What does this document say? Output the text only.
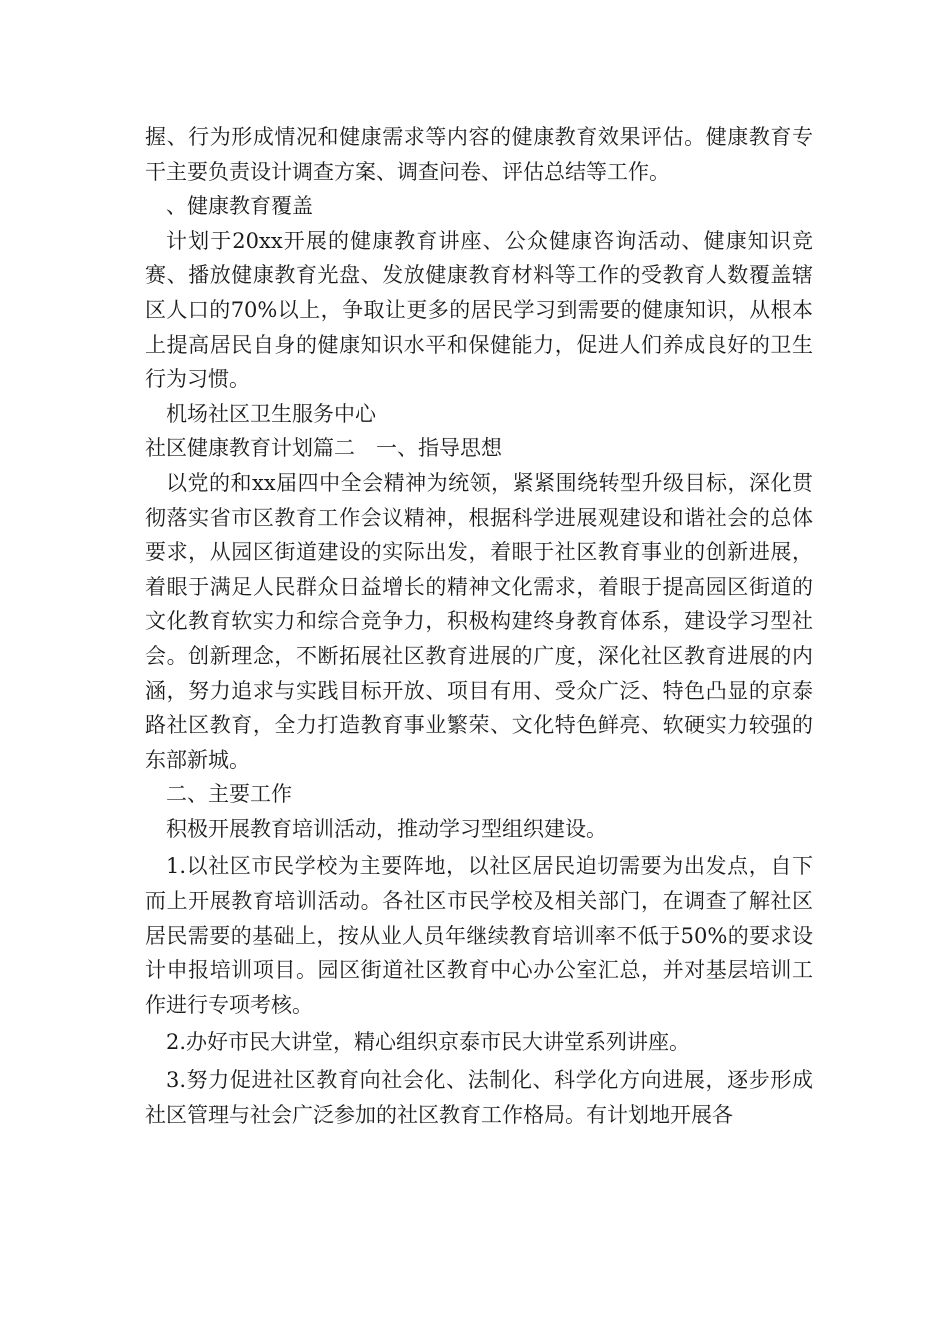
握、行为形成情况和健康需求等内容的健康教育效果评估。健康教育专干主要负责设计调查方案、调查问卷、评估总结等工作。

、健康教育覆盖

计划于20xx开展的健康教育讲座、公众健康咨询活动、健康知识竞赛、播放健康教育光盘、发放健康教育材料等工作的受教育人数覆盖辖区人口的70%以上，争取让更多的居民学习到需要的健康知识，从根本上提高居民自身的健康知识水平和保健能力，促进人们养成良好的卫生行为习惯。

机场社区卫生服务中心

社区健康教育计划篇二　一、指导思想

以党的和xx届四中全会精神为统领，紧紧围绕转型升级目标，深化贯彻落实省市区教育工作会议精神，根据科学进展观建设和谐社会的总体要求，从园区街道建设的实际出发，着眼于社区教育事业的创新进展，着眼于满足人民群众日益增长的精神文化需求，着眼于提高园区街道的文化教育软实力和综合竞争力，积极构建终身教育体系，建设学习型社会。创新理念，不断拓展社区教育进展的广度，深化社区教育进展的内涵，努力追求与实践目标开放、项目有用、受众广泛、特色凸显的京泰路社区教育，全力打造教育事业繁荣、文化特色鲜亮、软硬实力较强的东部新城。

二、主要工作

积极开展教育培训活动，推动学习型组织建设。

1.以社区市民学校为主要阵地，以社区居民迫切需要为出发点，自下而上开展教育培训活动。各社区市民学校及相关部门，在调查了解社区居民需要的基础上，按从业人员年继续教育培训率不低于50%的要求设计申报培训项目。园区街道社区教育中心办公室汇总，并对基层培训工作进行专项考核。

2.办好市民大讲堂，精心组织京泰市民大讲堂系列讲座。

3.努力促进社区教育向社会化、法制化、科学化方向进展，逐步形成社区管理与社会广泛参加的社区教育工作格局。有计划地开展各
